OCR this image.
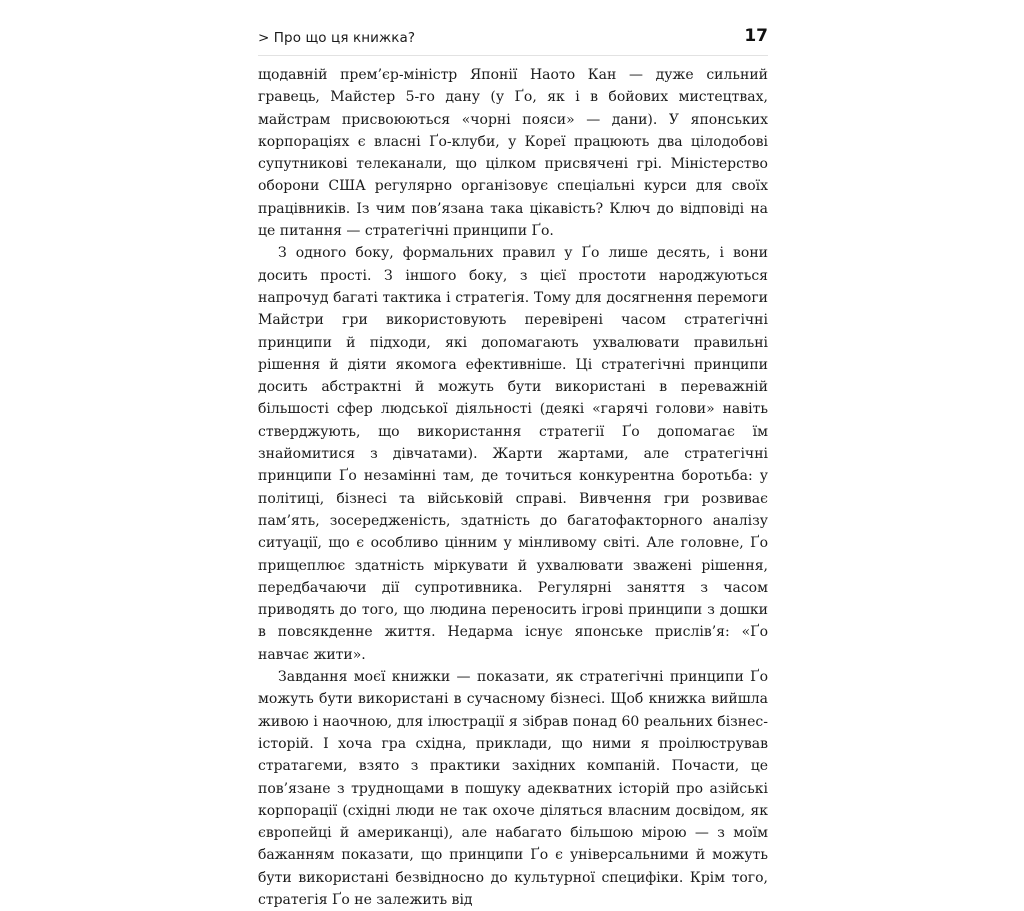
> Про що ця книжка?	17

щодавній прем’єр-міністр Японії Наото Кан — дуже сильний гравець, Майстер 5-го дану (у Ґо, як і в бойових мистецтвах, майстрам присвоюються «чорні пояси» — дани). У японських корпораціях є власні Ґо-клуби, у Кореї працюють два цілодобові супутникові телеканали, що цілком присвячені грі. Міністерство оборони США регулярно організовує спеціальні курси для своїх працівників. Із чим пов’язана така цікавість? Ключ до відповіді на це питання — стратегічні принципи Ґо.

З одного боку, формальних правил у Ґо лише десять, і вони досить прості. З іншого боку, з цієї простоти народжуються напрочуд багаті тактика і стратегія. Тому для досягнення перемоги Майстри гри використовують перевірені часом стратегічні принципи й підходи, які допомагають ухвалювати правильні рішення й діяти якомога ефективніше. Ці стратегічні принципи досить абстрактні й можуть бути використані в переважній більшості сфер людської діяльності (деякі «гарячі голови» навіть стверджують, що використання стратегії Ґо допомагає їм знайомитися з дівчатами). Жарти жартами, але стратегічні принципи Ґо незамінні там, де точиться конкурентна боротьба: у політиці, бізнесі та військовій справі. Вивчення гри розвиває пам’ять, зосередженість, здатність до багатофакторного аналізу ситуації, що є особливо цінним у мінливому світі. Але головне, Ґо прищеплює здатність міркувати й ухвалювати зважені рішення, передбачаючи дії супротивника. Регулярні заняття з часом приводять до того, що людина переносить ігрові принципи з дошки в повсякденне життя. Недарма існує японське прислів’я: «Ґо навчає жити».

Завдання моєї книжки — показати, як стратегічні принципи Ґо можуть бути використані в сучасному бізнесі. Щоб книжка вийшла живою і наочною, для ілюстрації я зібрав понад 60 реальних бізнес-історій. І хоча гра східна, приклади, що ними я проілюстрував стратагеми, взято з практики західних компаній. Почасти, це пов’язане з труднощами в пошуку адекватних історій про азійські корпорації (східні люди не так охоче діляться власним досвідом, як європейці й американці), але набагато більшою мірою — з моїм бажанням показати, що принципи Ґо є універсальними й можуть бути використані безвідносно до культурної специфіки. Крім того, стратегія Ґо не залежить від
